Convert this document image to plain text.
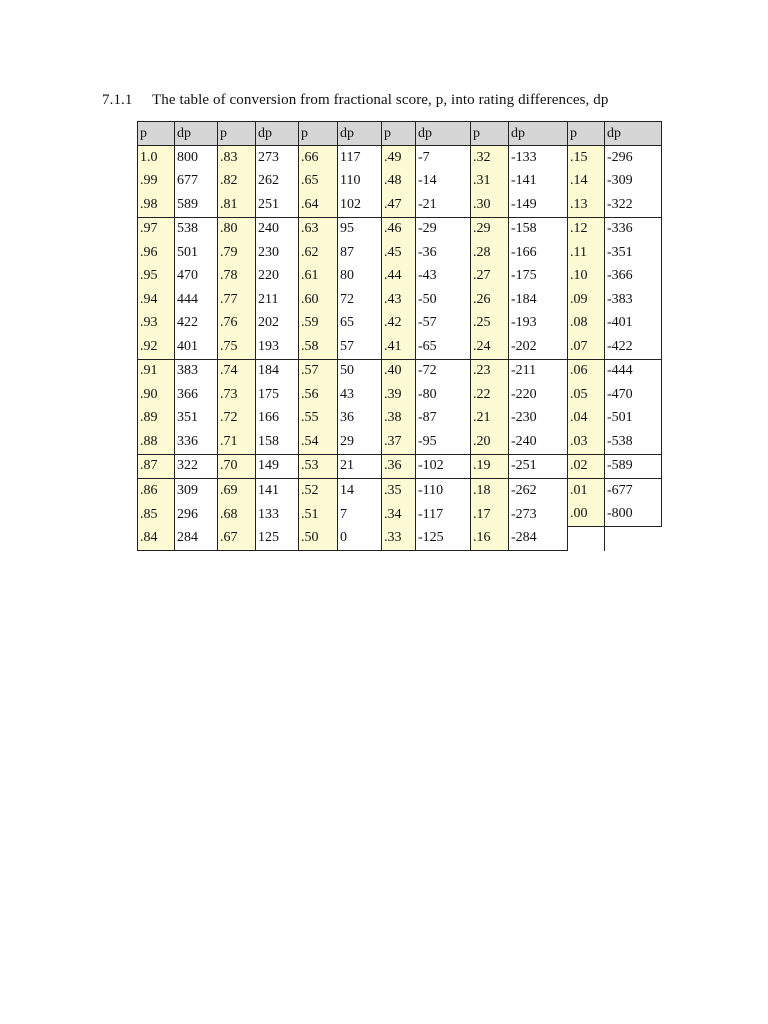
7.1.1 The table of conversion from fractional score, p, into rating differences, dp
p	dp	p	dp	p	dp	p	dp	p	dp	p	dp
1.0	800	.83	273	.66	117	.49	-7	.32	-133	.15	-296
.99	677	.82	262	.65	110	.48	-14	.31	-141	.14	-309
.98	589	.81	251	.64	102	.47	-21	.30	-149	.13	-322
.97	538	.80	240	.63	95	.46	-29	.29	-158	.12	-336
.96	501	.79	230	.62	87	.45	-36	.28	-166	.11	-351
.95	470	.78	220	.61	80	.44	-43	.27	-175	.10	-366
.94	444	.77	211	.60	72	.43	-50	.26	-184	.09	-383
.93	422	.76	202	.59	65	.42	-57	.25	-193	.08	-401
.92	401	.75	193	.58	57	.41	-65	.24	-202	.07	-422
.91	383	.74	184	.57	50	.40	-72	.23	-211	.06	-444
.90	366	.73	175	.56	43	.39	-80	.22	-220	.05	-470
.89	351	.72	166	.55	36	.38	-87	.21	-230	.04	-501
.88	336	.71	158	.54	29	.37	-95	.20	-240	.03	-538
.87	322	.70	149	.53	21	.36	-102	.19	-251	.02	-589
.86	309	.69	141	.52	14	.35	-110	.18	-262	.01	-677
.85	296	.68	133	.51	7	.34	-117	.17	-273	.00	-800
.84	284	.67	125	.50	0	.33	-125	.16	-284		
